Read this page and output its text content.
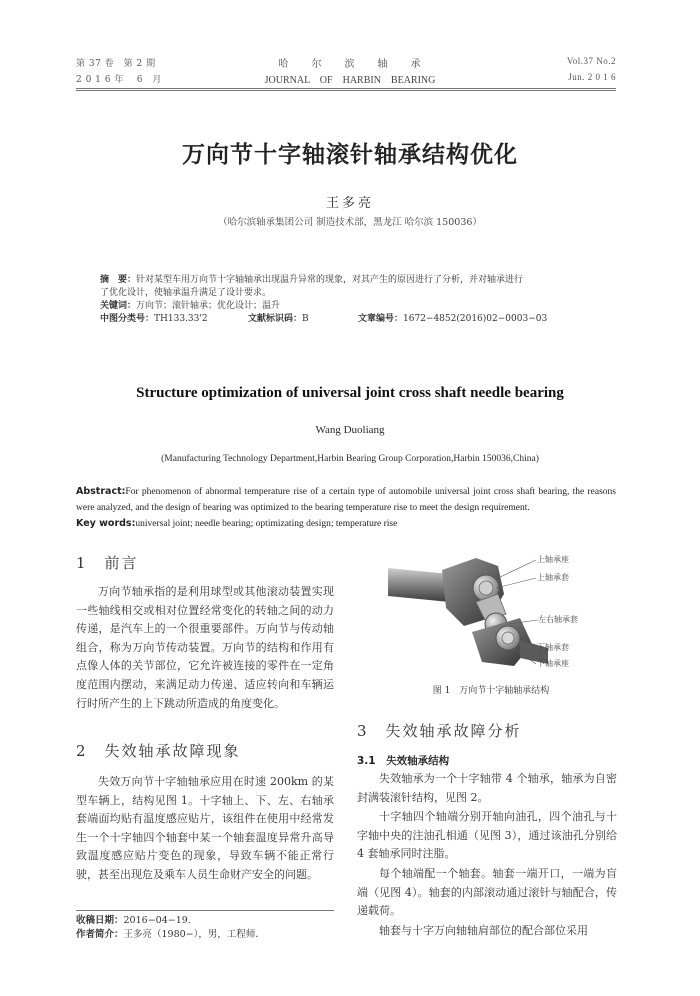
第 37 卷　第 2 期
2 0 1 6 年　 6　月
哈　　尔　　滨　　轴　　承
JOURNAL　OF　HARBIN　BEARING
Vol.37 No.2
Jun. 2 0 1 6
万向节十字轴滚针轴承结构优化
王多亮
（哈尔滨轴承集团公司 制造技术部，黑龙江 哈尔滨 150036）
摘　要：针对某型车用万向节十字轴轴承出现温升异常的现象，对其产生的原因进行了分析，并对轴承进行
了优化设计，使轴承温升满足了设计要求。
关键词：万向节；滚针轴承；优化设计；温升
中图分类号：TH133.33'2	文献标识码：B	文章编号：1672−4852(2016)02−0003−03
Structure optimization of universal joint cross shaft needle bearing
Wang Duoliang
(Manufacturing Technology Department,Harbin Bearing Group Corporation,Harbin 150036,China)
Abstract:For phenomenon of abnormal temperature rise of a certain type of automobile universal joint cross shaft bearing, the reasons were analyzed, and the design of bearing was optimized to the bearing temperature rise to meet the design requirement.
Key words:universal joint; needle bearing; optimizating design; temperature rise
1　前言
万向节轴承指的是利用球型或其他滚动装置实现一些轴线相交或相对位置经常变化的转轴之间的动力传递，是汽车上的一个很重要部件。万向节与传动轴组合，称为万向节传动装置。万向节的结构和作用有点像人体的关节部位，它允许被连接的零件在一定角度范围内摆动，来满足动力传递、适应转向和车辆运行时所产生的上下跳动所造成的角度变化。
2　失效轴承故障现象
失效万向节十字轴轴承应用在时速 200km 的某型车辆上，结构见图 1。十字轴上、下、左、右轴承套端面均贴有温度感应贴片，该组件在使用中经常发生一个十字轴四个轴套中某一个轴套温度异常升高导致温度感应贴片变色的现象，导致车辆不能正常行驶，甚至出现危及乘车人员生命财产安全的问题。
收稿日期：2016−04−19.
作者简介：王多亮（1980−），男，工程师．
上轴承座
上轴承套
左右轴承套
下轴承套
下轴承座
图 1　万向节十字轴轴承结构
3　失效轴承故障分析
3.1　失效轴承结构
失效轴承为一个十字轴带 4 个轴承，轴承为自密封满装滚针结构，见图 2。
十字轴四个轴端分别开轴向油孔，四个油孔与十字轴中央的注油孔相通（见图 3），通过该油孔分别给 4 套轴承同时注脂。
每个轴端配一个轴套。轴套一端开口，一端为盲端（见图 4）。轴套的内部滚动通过滚针与轴配合，传递载荷。
轴套与十字万向轴轴肩部位的配合部位采用
